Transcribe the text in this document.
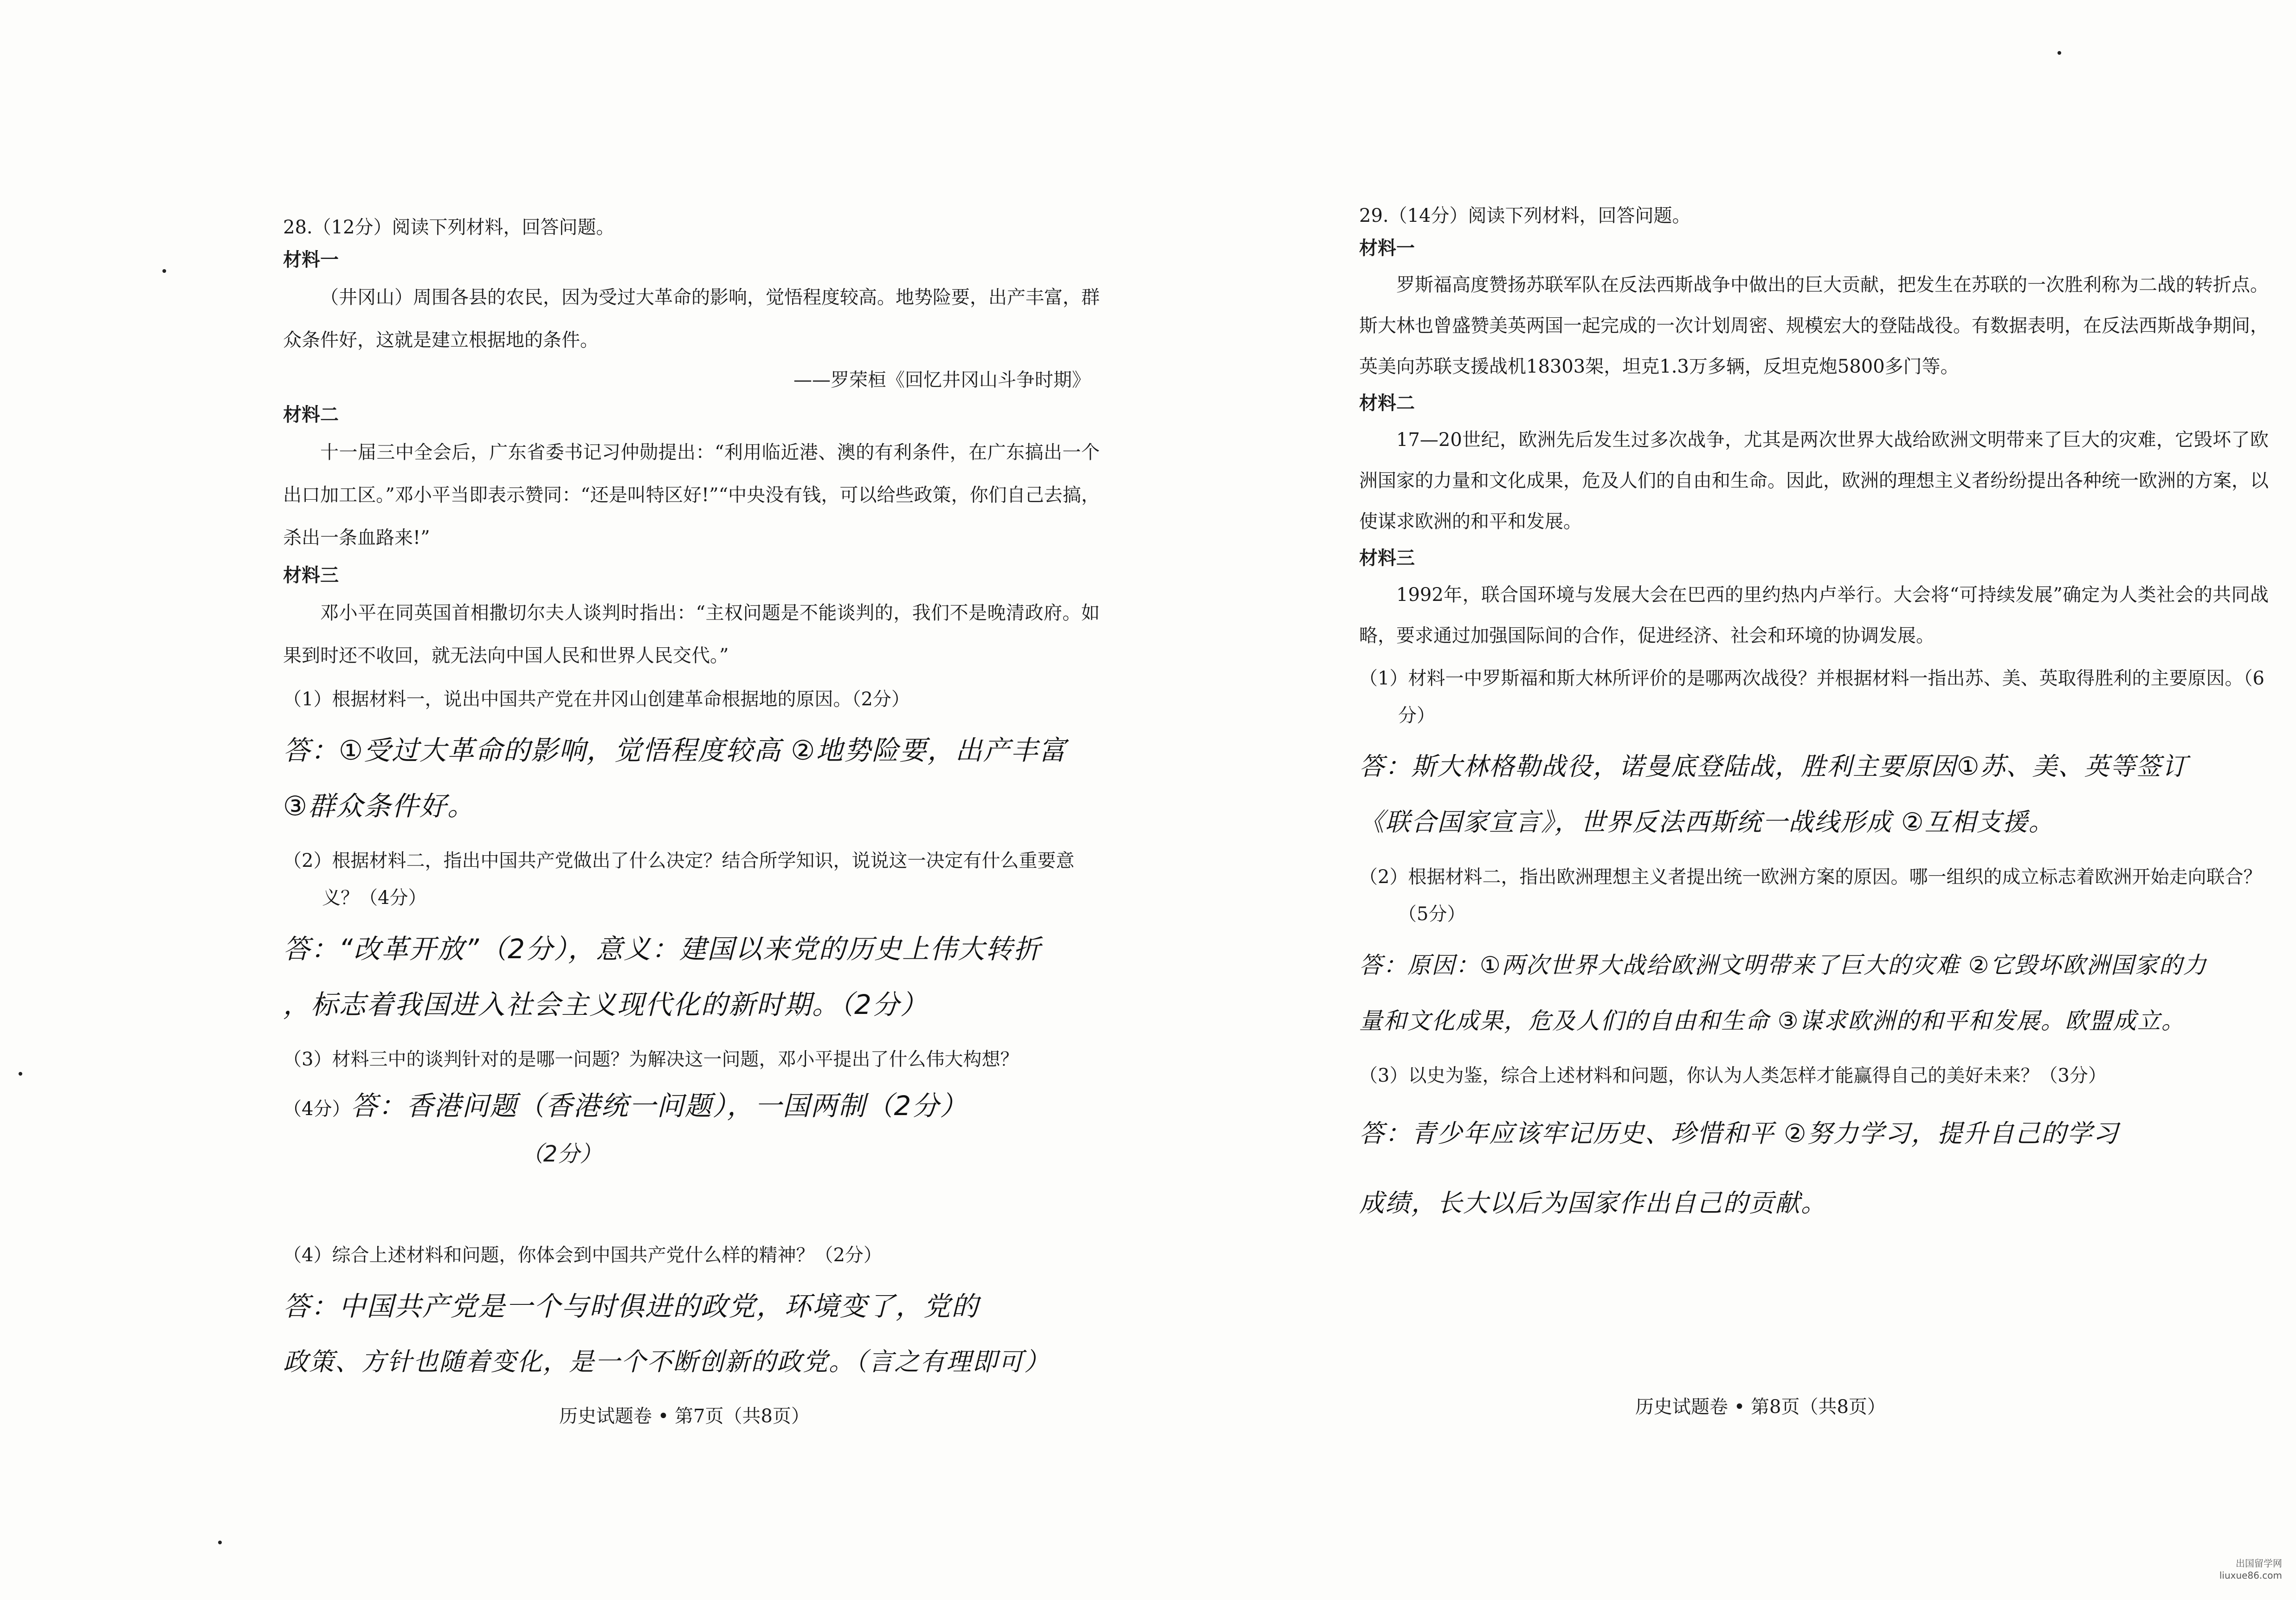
28.（12分）阅读下列材料，回答问题。

材料一

（井冈山）周围各县的农民，因为受过大革命的影响，觉悟程度较高。地势险要，出产丰富，群众条件好，这就是建立根据地的条件。

——罗荣桓《回忆井冈山斗争时期》

材料二

十一届三中全会后，广东省委书记习仲勋提出：“利用临近港、澳的有利条件，在广东搞出一个出口加工区。”邓小平当即表示赞同：“还是叫特区好!”“中央没有钱，可以给些政策，你们自己去搞，杀出一条血路来!”

材料三

邓小平在同英国首相撒切尔夫人谈判时指出：“主权问题是不能谈判的，我们不是晚清政府。如果到时还不收回，就无法向中国人民和世界人民交代。”

（1）根据材料一，说出中国共产党在井冈山创建革命根据地的原因。（2分）

答：①受过大革命的影响，觉悟程度较高 ②地势险要，出产丰富
③群众条件好。

（2）根据材料二，指出中国共产党做出了什么决定？结合所学知识，说说这一决定有什么重要意义？（4分）

答：“改革开放”（2分），意义：建国以来党的历史上伟大转折
，标志着我国进入社会主义现代化的新时期。（2分）

（3）材料三中的谈判针对的是哪一问题？为解决这一问题，邓小平提出了什么伟大构想？

（4分）答：香港问题（香港统一问题），一国两制（2分）

（2分）

（4）综合上述材料和问题，你体会到中国共产党什么样的精神？（2分）

答：中国共产党是一个与时俱进的政党，环境变了，党的
政策、方针也随着变化，是一个不断创新的政党。（言之有理即可）
历史试题卷 • 第7页（共8页）

29.（14分）阅读下列材料，回答问题。

材料一

罗斯福高度赞扬苏联军队在反法西斯战争中做出的巨大贡献，把发生在苏联的一次胜利称为二战的转折点。斯大林也曾盛赞美英两国一起完成的一次计划周密、规模宏大的登陆战役。有数据表明，在反法西斯战争期间，英美向苏联支援战机18303架，坦克1.3万多辆，反坦克炮5800多门等。

材料二

17—20世纪，欧洲先后发生过多次战争，尤其是两次世界大战给欧洲文明带来了巨大的灾难，它毁坏了欧洲国家的力量和文化成果，危及人们的自由和生命。因此，欧洲的理想主义者纷纷提出各种统一欧洲的方案，以使谋求欧洲的和平和发展。

材料三

1992年，联合国环境与发展大会在巴西的里约热内卢举行。大会将“可持续发展”确定为人类社会的共同战略，要求通过加强国际间的合作，促进经济、社会和环境的协调发展。

（1）材料一中罗斯福和斯大林所评价的是哪两次战役？并根据材料一指出苏、美、英取得胜利的主要原因。（6分）

答：斯大林格勒战役，诺曼底登陆战，胜利主要原因①苏、美、英等签订
《联合国家宣言》，世界反法西斯统一战线形成 ②互相支援。

（2）根据材料二，指出欧洲理想主义者提出统一欧洲方案的原因。哪一组织的成立标志着欧洲开始走向联合？（5分）

答：原因：①两次世界大战给欧洲文明带来了巨大的灾难 ②它毁坏欧洲国家的力
量和文化成果，危及人们的自由和生命 ③谋求欧洲的和平和发展。欧盟成立。

（3）以史为鉴，综合上述材料和问题，你认为人类怎样才能赢得自己的美好未来？（3分）

答：青少年应该牢记历史、珍惜和平 ②努力学习，提升自己的学习
成绩，长大以后为国家作出自己的贡献。
历史试题卷 • 第8页（共8页）
出国留学网
liuxue86.com
